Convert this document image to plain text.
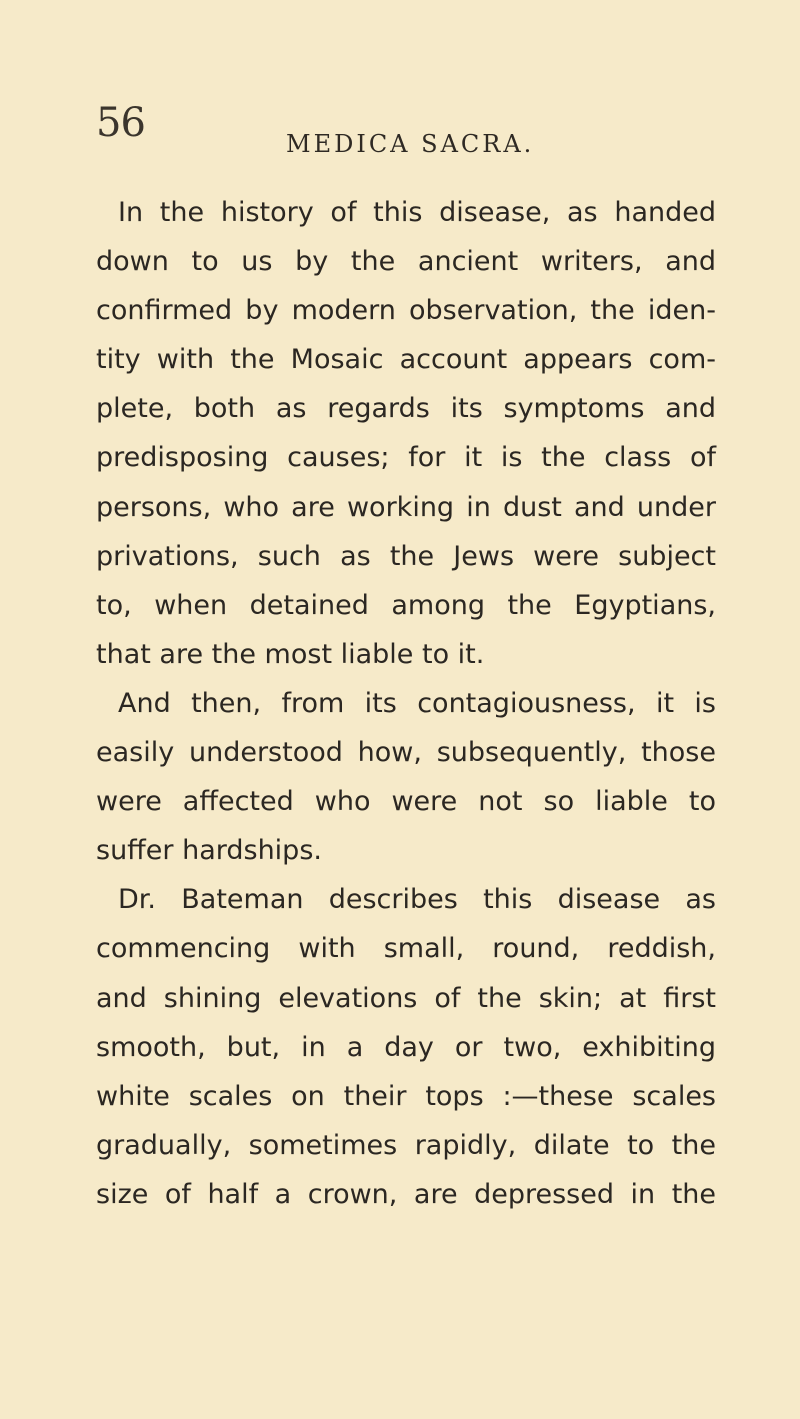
56	MEDICA SACRA.
In the history of this disease, as handed
down to us by the ancient writers, and
confirmed by modern observation, the iden-
tity with the Mosaic account appears com-
plete, both as regards its symptoms and
predisposing causes; for it is the class of
persons, who are working in dust and under
privations, such as the Jews were subject
to, when detained among the Egyptians,
that are the most liable to it.
And then, from its contagiousness, it is
easily understood how, subsequently, those
were affected who were not so liable to
suffer hardships.
Dr. Bateman describes this disease as
commencing with small, round, reddish,
and shining elevations of the skin; at first
smooth, but, in a day or two, exhibiting
white scales on their tops :—these scales
gradually, sometimes rapidly, dilate to the
size of half a crown, are depressed in the
